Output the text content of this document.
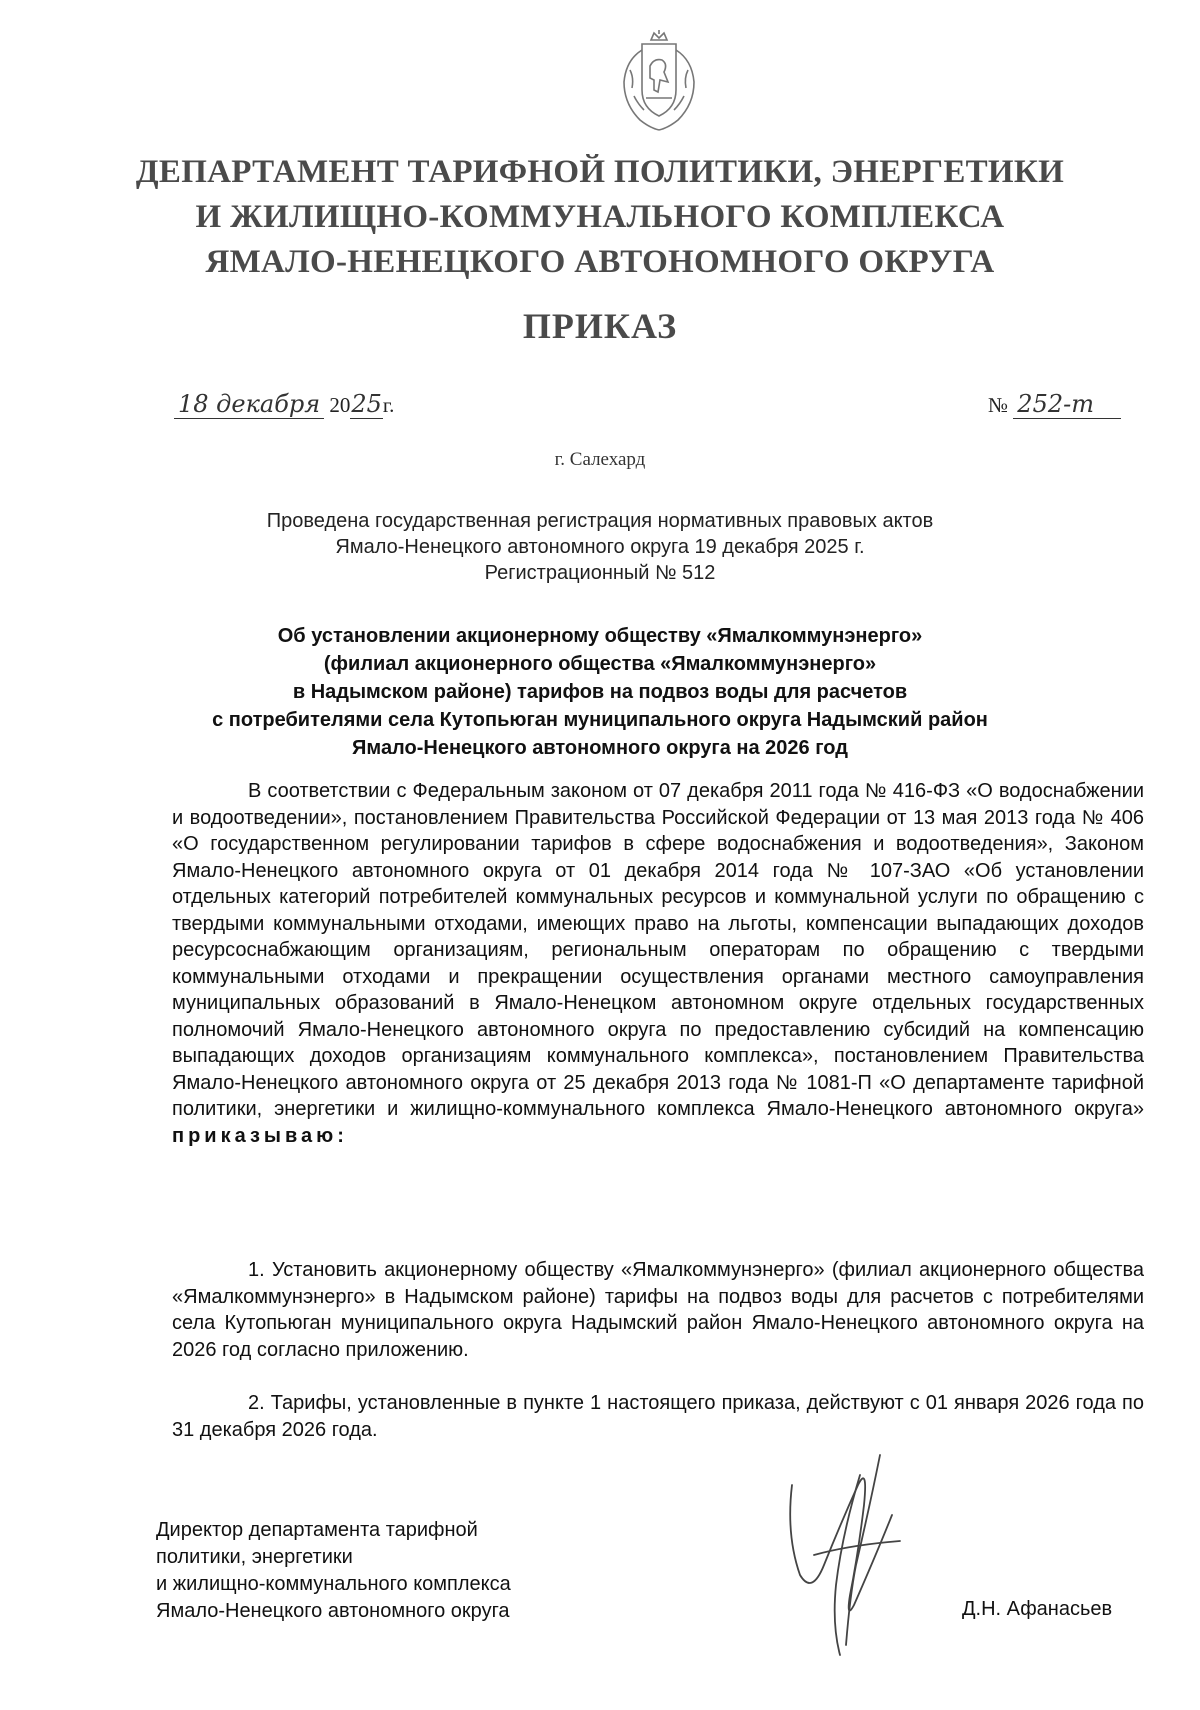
ДЕПАРТАМЕНТ ТАРИФНОЙ ПОЛИТИКИ, ЭНЕРГЕТИКИ
И ЖИЛИЩНО-КОММУНАЛЬНОГО КОМПЛЕКСА
ЯМАЛО-НЕНЕЦКОГО АВТОНОМНОГО ОКРУГА
ПРИКАЗ
18 декабря 2025г.	№ 252-т
г. Салехард
Проведена государственная регистрация нормативных правовых актов
Ямало-Ненецкого автономного округа 19 декабря 2025 г.
Регистрационный № 512
Об установлении акционерному обществу «Ямалкоммунэнерго»
(филиал акционерного общества «Ямалкоммунэнерго»
в Надымском районе) тарифов на подвоз воды для расчетов
с потребителями села Кутопьюган муниципального округа Надымский район
Ямало-Ненецкого автономного округа на 2026 год
В соответствии с Федеральным законом от 07 декабря 2011 года № 416-ФЗ «О водоснабжении и водоотведении», постановлением Правительства Российской Федерации от 13 мая 2013 года № 406 «О государственном регулировании тарифов в сфере водоснабжения и водоотведения», Законом Ямало-Ненецкого автономного округа от 01 декабря 2014 года № 107-ЗАО «Об установлении отдельных категорий потребителей коммунальных ресурсов и коммунальной услуги по обращению с твердыми коммунальными отходами, имеющих право на льготы, компенсации выпадающих доходов ресурсоснабжающим организациям, региональным операторам по обращению с твердыми коммунальными отходами и прекращении осуществления органами местного самоуправления муниципальных образований в Ямало-Ненецком автономном округе отдельных государственных полномочий Ямало-Ненецкого автономного округа по предоставлению субсидий на компенсацию выпадающих доходов организациям коммунального комплекса», постановлением Правительства Ямало-Ненецкого автономного округа от 25 декабря 2013 года № 1081-П «О департаменте тарифной политики, энергетики и жилищно-коммунального комплекса Ямало-Ненецкого автономного округа» приказываю:
1. Установить акционерному обществу «Ямалкоммунэнерго» (филиал акционерного общества «Ямалкоммунэнерго» в Надымском районе) тарифы на подвоз воды для расчетов с потребителями села Кутопьюган муниципального округа Надымский район Ямало-Ненецкого автономного округа на 2026 год согласно приложению.
2. Тарифы, установленные в пункте 1 настоящего приказа, действуют с 01 января 2026 года по 31 декабря 2026 года.
Директор департамента тарифной
политики, энергетики
и жилищно-коммунального комплекса
Ямало-Ненецкого автономного округа	Д.Н. Афанасьев
